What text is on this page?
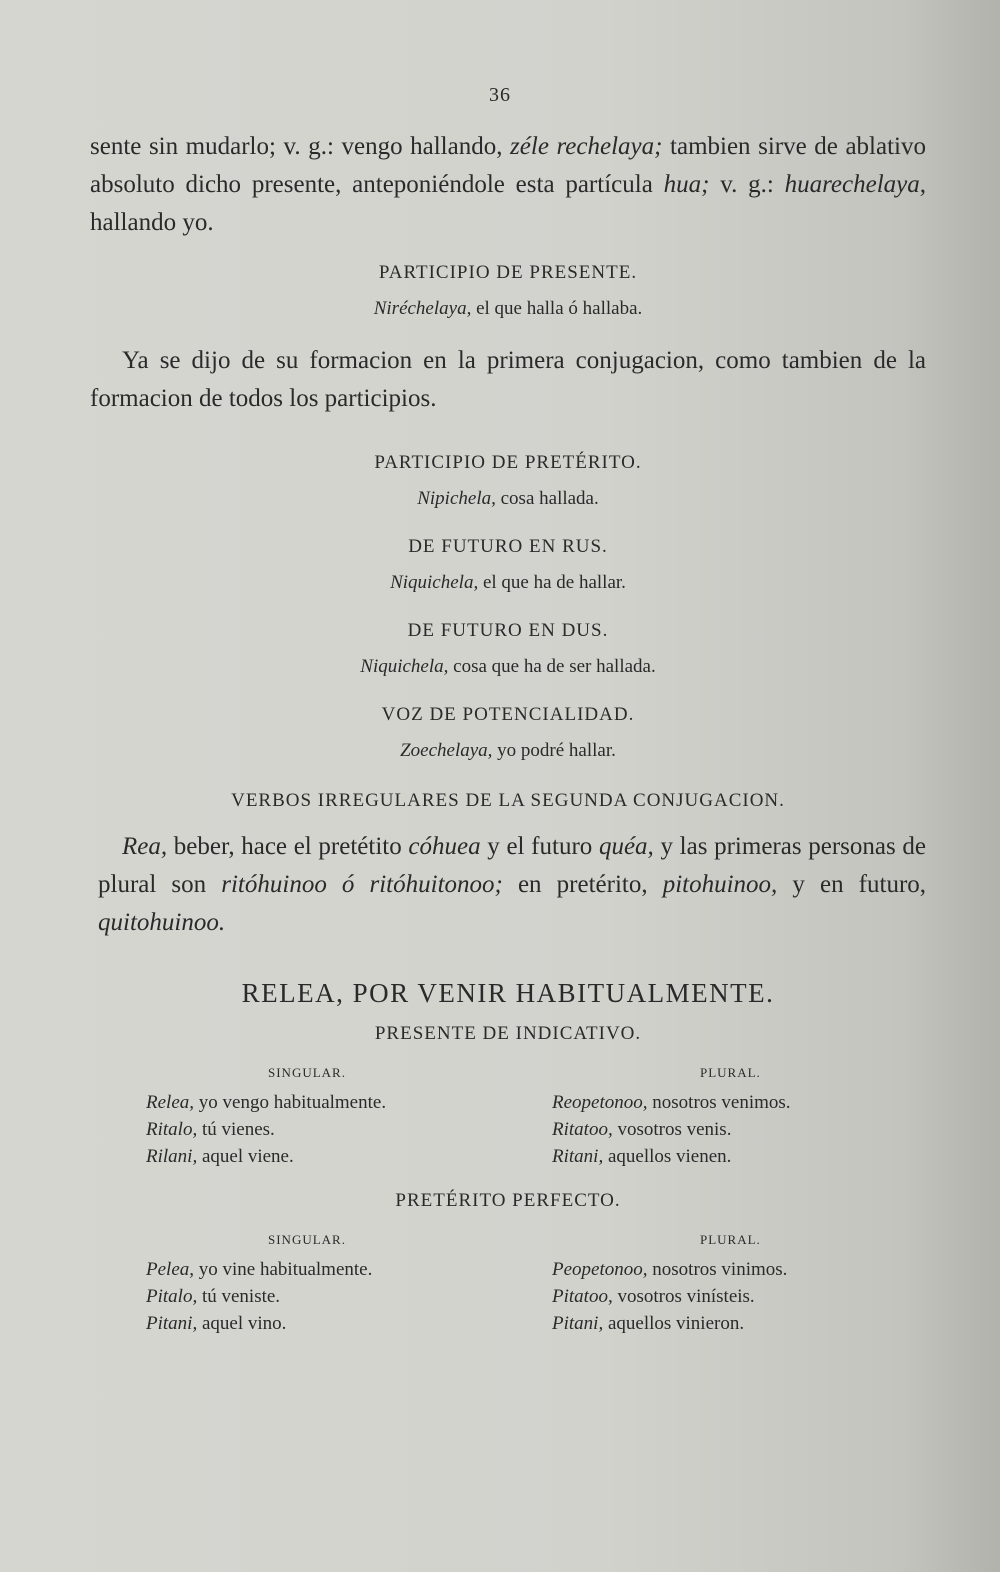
36

sente sin mudarlo; v. g.: vengo hallando, zéle rechelaya; tambien sirve de ablativo absoluto dicho presente, anteponiéndole esta partícula hua; v. g.: huarechelaya, hallando yo.

PARTICIPIO DE PRESENTE.

Niréchelaya, el que halla ó hallaba.

Ya se dijo de su formacion en la primera conjugacion, como tambien de la formacion de todos los participios.

PARTICIPIO DE PRETÉRITO.

Nipichela, cosa hallada.

DE FUTURO EN RUS.

Niquichela, el que ha de hallar.

DE FUTURO EN DUS.

Niquichela, cosa que ha de ser hallada.

VOZ DE POTENCIALIDAD.

Zoechelaya, yo podré hallar.

VERBOS IRREGULARES DE LA SEGUNDA CONJUGACION.

Rea, beber, hace el pretétito cóhuea y el futuro quéa, y las primeras personas de plural son ritóhuinoo ó ritóhuitonoo; en pretérito, pitohuinoo, y en futuro, quitohuinoo.

RELEA, POR VENIR HABITUALMENTE.

PRESENTE DE INDICATIVO.

SINGULAR.

Relea, yo vengo habitualmente.

Ritalo, tú vienes.

Rilani, aquel viene.

PLURAL.

Reopetonoo, nosotros venimos.

Ritatoo, vosotros venis.

Ritani, aquellos vienen.

PRETÉRITO PERFECTO.

SINGULAR.

Pelea, yo vine habitualmente.

Pitalo, tú veniste.

Pitani, aquel vino.

PLURAL.

Peopetonoo, nosotros vinimos.

Pitatoo, vosotros vinísteis.

Pitani, aquellos vinieron.
